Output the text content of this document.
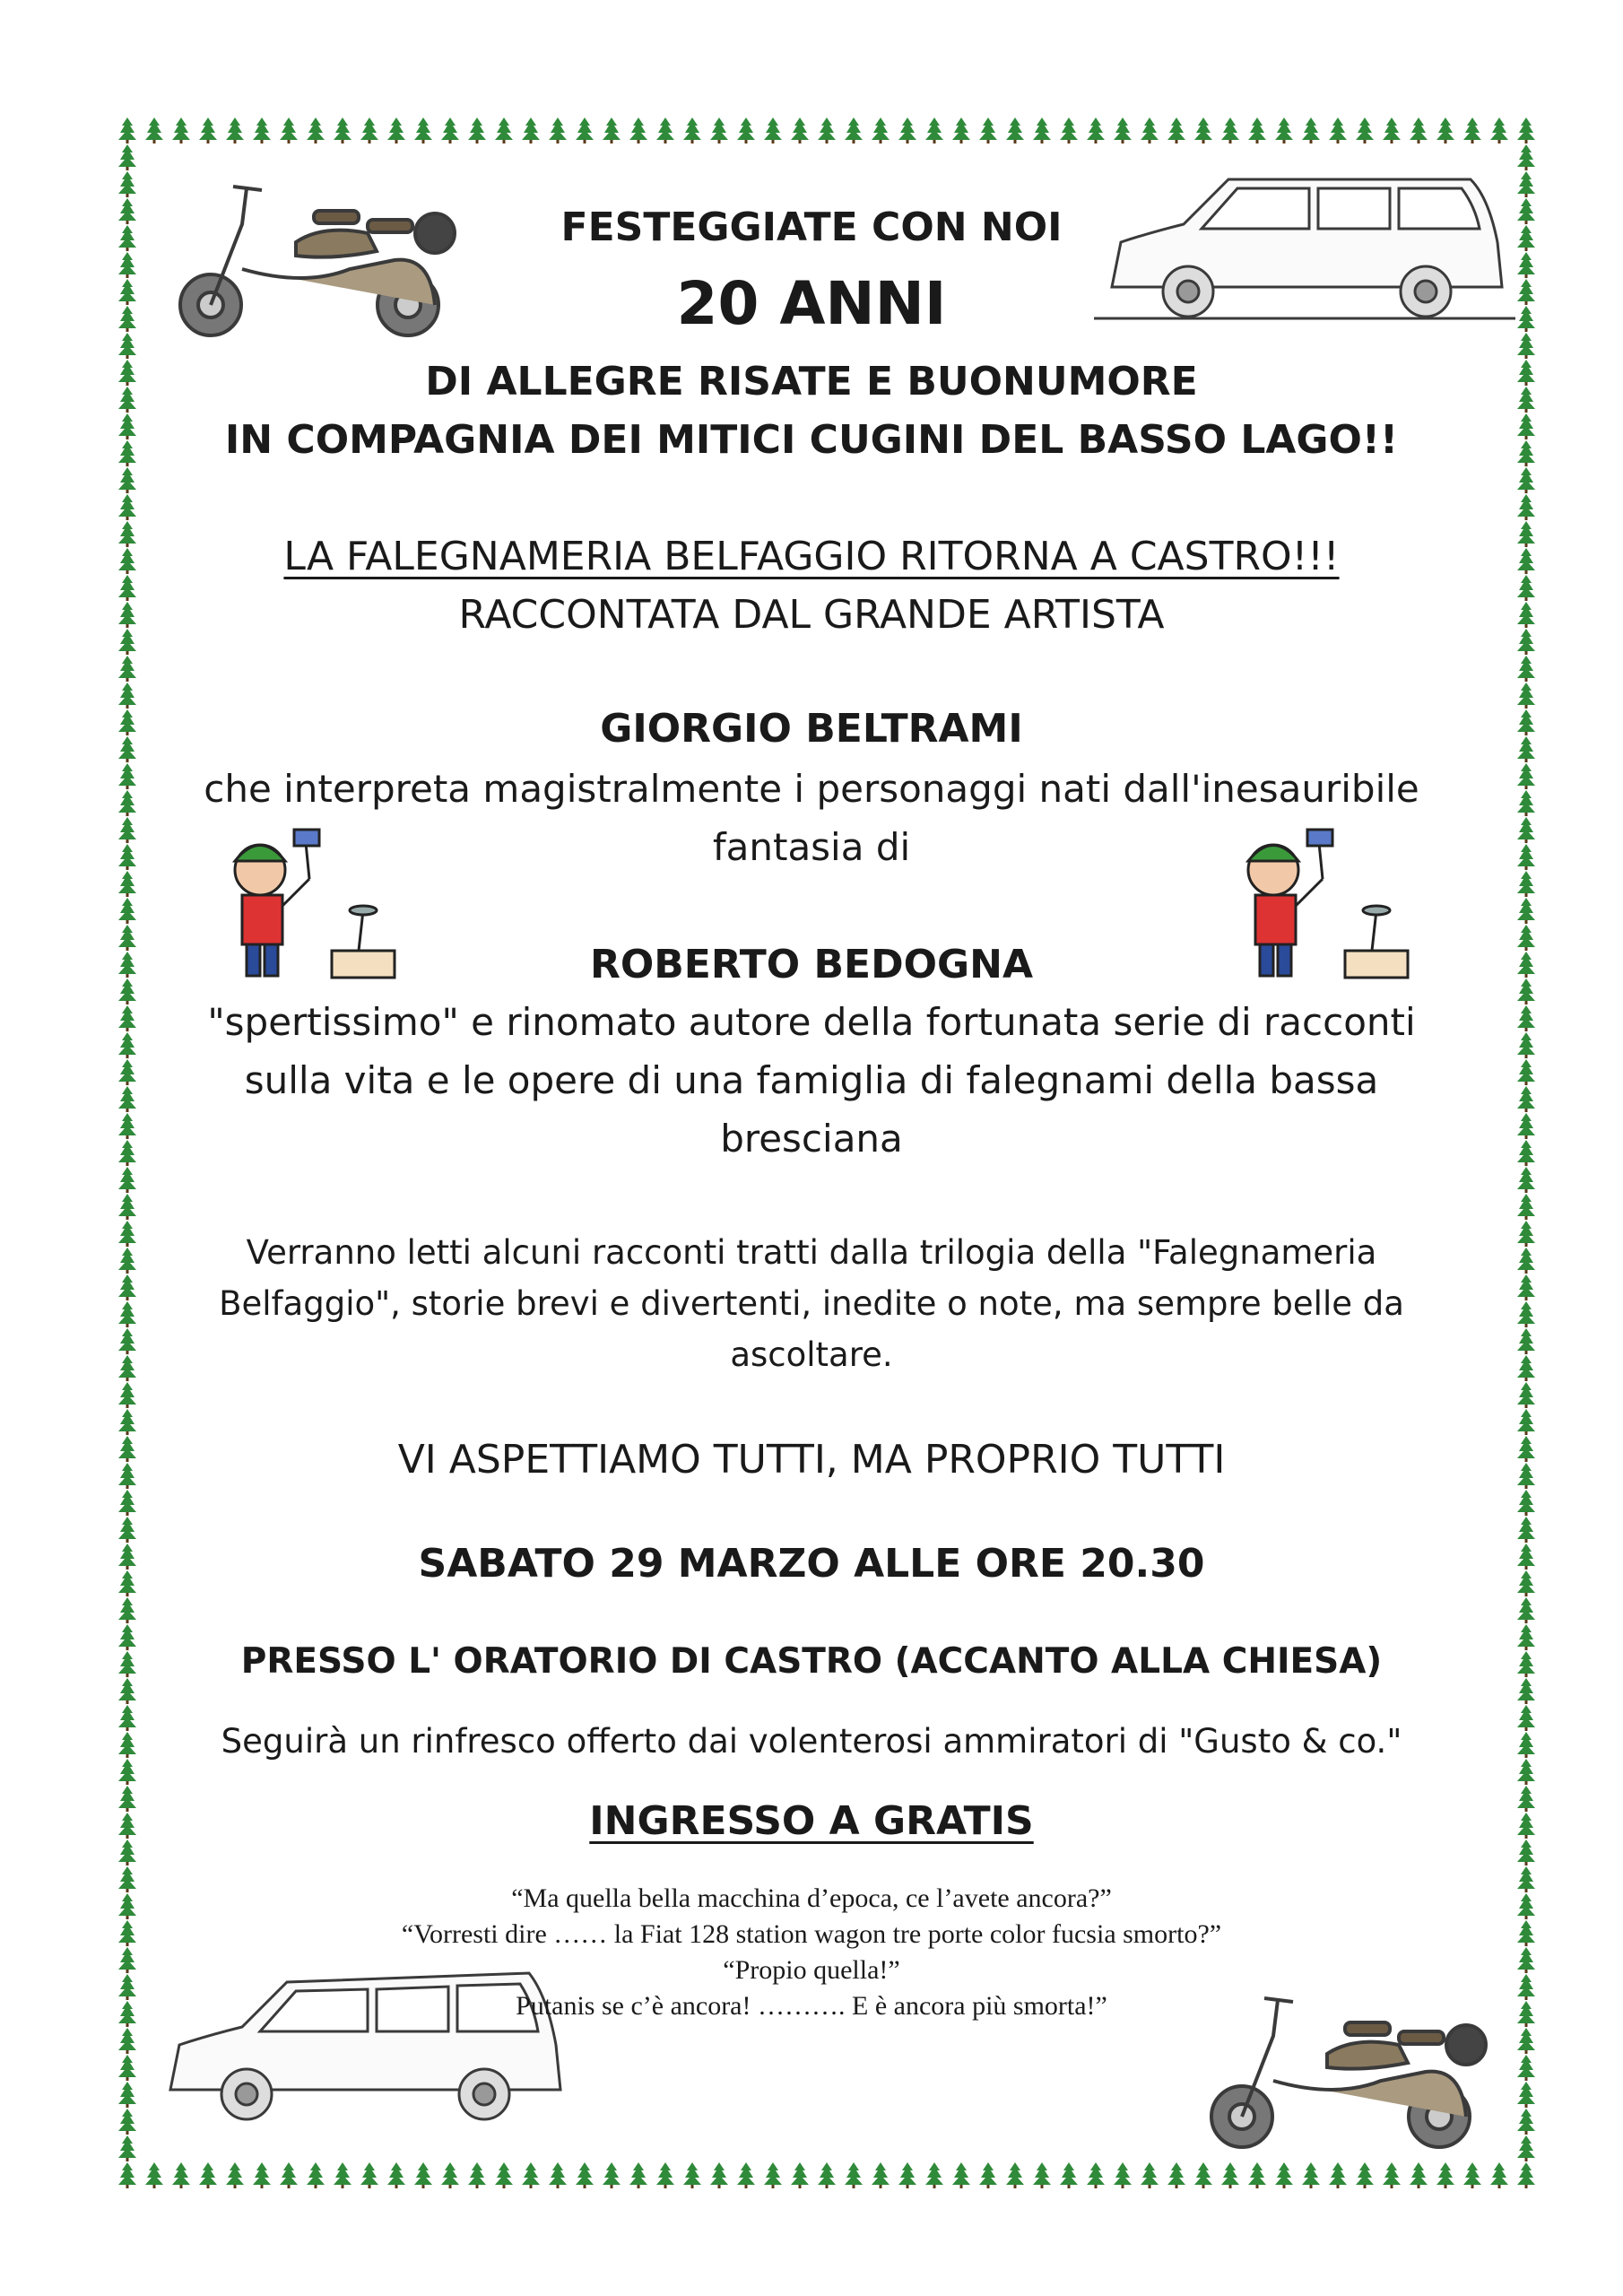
FESTEGGIATE CON NOI

20 ANNI

DI ALLEGRE RISATE E BUONUMORE

IN COMPAGNIA DEI MITICI CUGINI DEL BASSO LAGO!!

LA FALEGNAMERIA BELFAGGIO RITORNA A CASTRO!!!

RACCONTATA DAL GRANDE ARTISTA

GIORGIO BELTRAMI

che interpreta magistralmente i personaggi nati dall'inesauribile

fantasia di

ROBERTO BEDOGNA

"spertissimo" e rinomato autore della fortunata serie di racconti

sulla vita e le opere di una famiglia di falegnami della bassa

bresciana

Verranno letti alcuni racconti tratti dalla trilogia della "Falegnameria

Belfaggio", storie brevi e divertenti, inedite o note, ma sempre belle da

ascoltare.

VI ASPETTIAMO TUTTI, MA PROPRIO TUTTI

SABATO 29 MARZO ALLE ORE 20.30

PRESSO L' ORATORIO DI CASTRO (ACCANTO ALLA CHIESA)

Seguirà un rinfresco offerto dai volenterosi ammiratori di "Gusto & co."

INGRESSO A GRATIS

“Ma quella bella macchina d’epoca, ce l’avete ancora?”

“Vorresti dire …… la Fiat 128 station wagon tre porte color fucsia smorto?”

“Propio quella!”

Putanis se c’è ancora! ………. E è ancora più smorta!”
